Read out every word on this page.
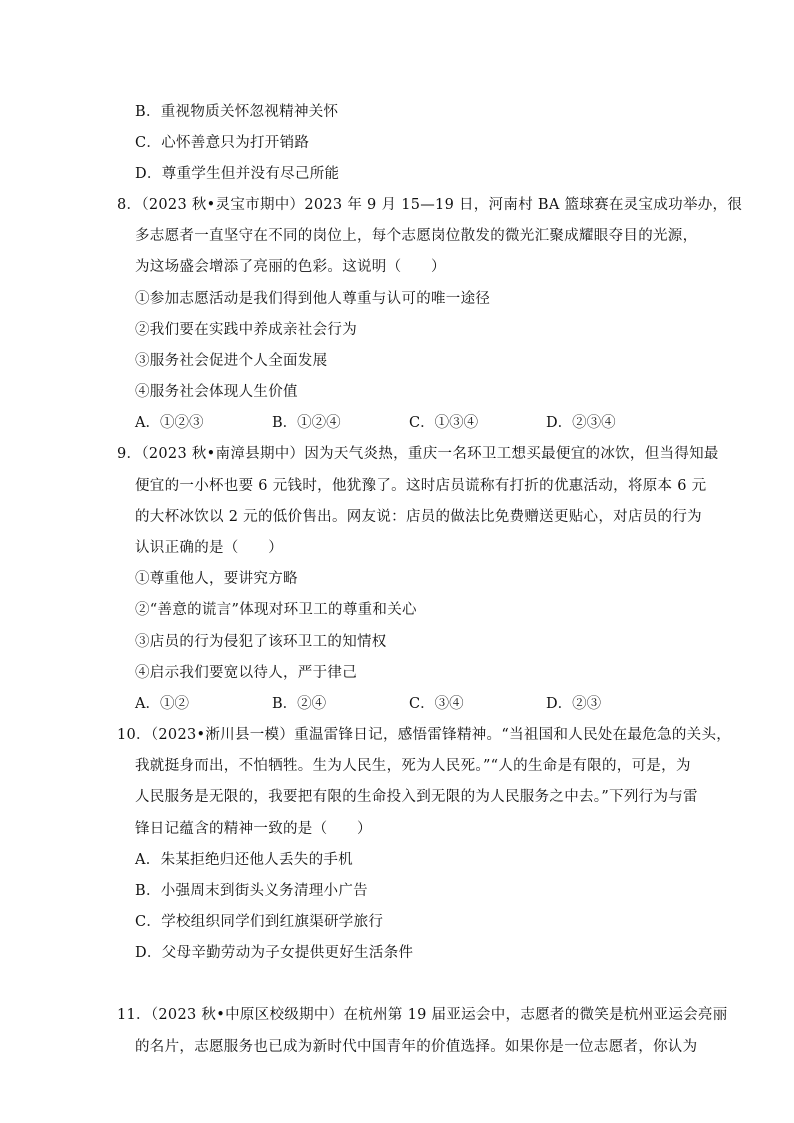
B．重视物质关怀忽视精神关怀
C．心怀善意只为打开销路
D．尊重学生但并没有尽己所能
8．（2023 秋•灵宝市期中）2023 年 9 月 15—19 日，河南村 BA 篮球赛在灵宝成功举办，很
多志愿者一直坚守在不同的岗位上，每个志愿岗位散发的微光汇聚成耀眼夺目的光源，
为这场盛会增添了亮丽的色彩。这说明（　　）
①参加志愿活动是我们得到他人尊重与认可的唯一途径
②我们要在实践中养成亲社会行为
③服务社会促进个人全面发展
④服务社会体现人生价值
A．①②③	B．①②④	C．①③④	D．②③④
9．（2023 秋•南漳县期中）因为天气炎热，重庆一名环卫工想买最便宜的冰饮，但当得知最
便宜的一小杯也要 6 元钱时，他犹豫了。这时店员谎称有打折的优惠活动，将原本 6 元
的大杯冰饮以 2 元的低价售出。网友说：店员的做法比免费赠送更贴心，对店员的行为
认识正确的是（　　）
①尊重他人，要讲究方略
②“善意的谎言”体现对环卫工的尊重和关心
③店员的行为侵犯了该环卫工的知情权
④启示我们要宽以待人，严于律己
A．①②	B．②④	C．③④	D．②③
10．（2023•淅川县一模）重温雷锋日记，感悟雷锋精神。“当祖国和人民处在最危急的关头，
我就挺身而出，不怕牺牲。生为人民生，死为人民死。”“人的生命是有限的，可是，为
人民服务是无限的，我要把有限的生命投入到无限的为人民服务之中去。”下列行为与雷
锋日记蕴含的精神一致的是（　　）
A．朱某拒绝归还他人丢失的手机
B．小强周末到街头义务清理小广告
C．学校组织同学们到红旗渠研学旅行
D．父母辛勤劳动为子女提供更好生活条件
11．（2023 秋•中原区校级期中）在杭州第 19 届亚运会中，志愿者的微笑是杭州亚运会亮丽
的名片，志愿服务也已成为新时代中国青年的价值选择。如果你是一位志愿者，你认为
